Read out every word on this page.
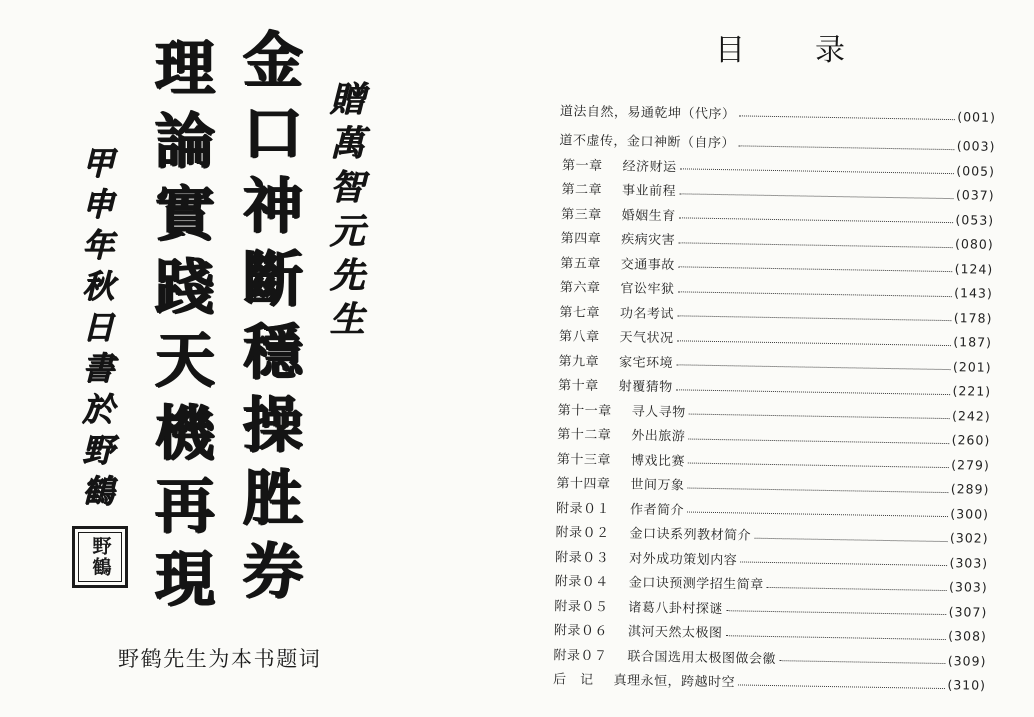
金口神斷穩操胜券
理論實踐天機再現	贈萬智元先生
甲申年秋日書於野鶴
野鶴
野鹤先生为本书题词
目录
道法自然，易通乾坤（代序）	(001)
道不虚传，金口神断（自序）	(003)
第一章 经济财运	(005)
第二章 事业前程	(037)
第三章 婚姻生育	(053)
第四章 疾病灾害	(080)
第五章 交通事故	(124)
第六章 官讼牢狱	(143)
第七章 功名考试	(178)
第八章 天气状况	(187)
第九章 家宅环境	(201)
第十章 射覆猜物	(221)
第十一章 寻人寻物	(242)
第十二章 外出旅游	(260)
第十三章 博戏比赛	(279)
第十四章 世间万象	(289)
附录０１ 作者简介	(300)
附录０２ 金口诀系列教材简介	(302)
附录０３ 对外成功策划内容	(303)
附录０４ 金口诀预测学招生简章	(303)
附录０５ 诸葛八卦村探谜	(307)
附录０６ 淇河天然太极图	(308)
附录０７ 联合国选用太极图做会徽	(309)
后　记 真理永恒，跨越时空	(310)
